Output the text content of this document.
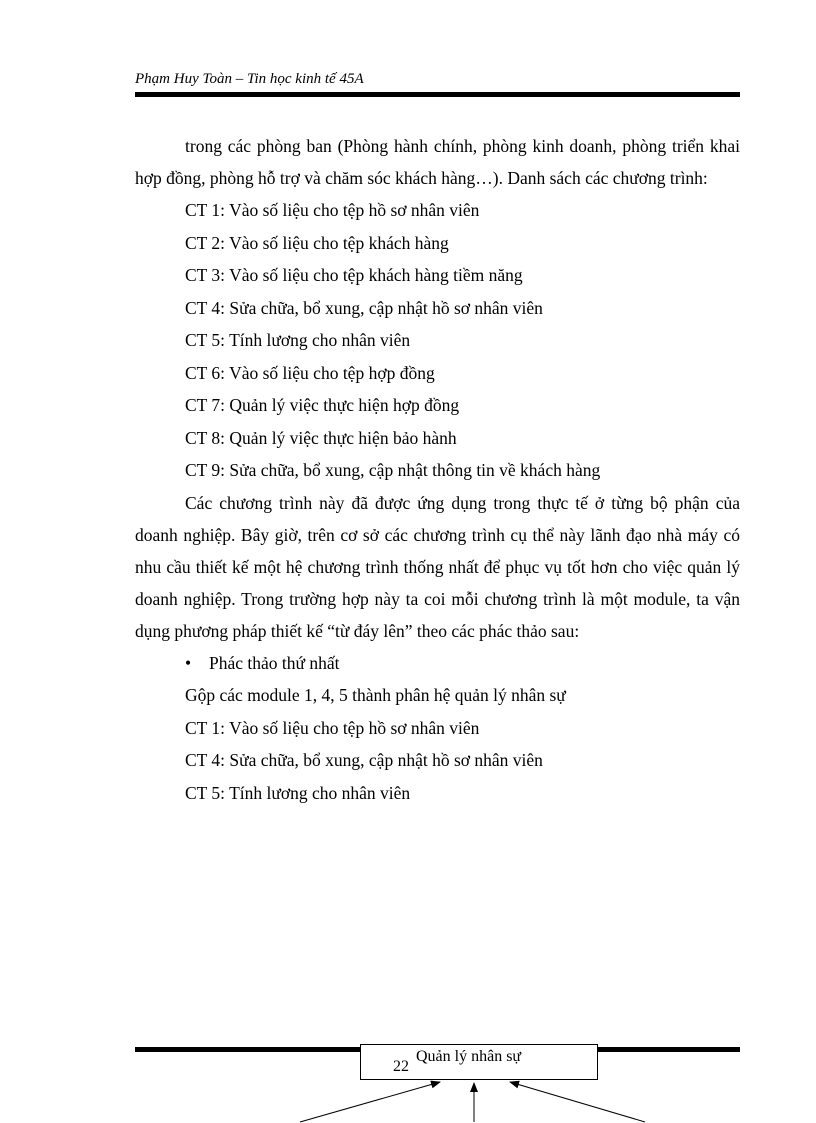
Phạm Huy Toàn – Tin học kinh tế 45A

trong các phòng ban (Phòng hành chính, phòng kinh doanh, phòng triển khai hợp đồng, phòng hỗ trợ và chăm sóc khách hàng…). Danh sách các chương trình:

CT 1: Vào số liệu cho tệp hồ sơ nhân viên

CT 2: Vào số liệu cho tệp khách hàng

CT 3: Vào số liệu cho tệp khách hàng tiềm năng

CT 4: Sửa chữa, bổ xung, cập nhật hồ sơ nhân viên

CT 5: Tính lương cho nhân viên

CT 6: Vào số liệu cho tệp hợp đồng

CT 7: Quản lý việc thực hiện hợp đồng

CT 8: Quản lý việc thực hiện bảo hành

CT 9: Sửa chữa, bổ xung, cập nhật thông tin về khách hàng

Các chương trình này đã được ứng dụng trong thực tế ở từng bộ phận của doanh nghiệp. Bây giờ, trên cơ sở các chương trình cụ thể này lãnh đạo nhà máy có nhu cầu thiết kế một hệ chương trình thống nhất để phục vụ tốt hơn cho việc quản lý doanh nghiệp. Trong trường hợp này ta coi mỗi chương trình là một module, ta vận dụng phương pháp thiết kế “từ đáy lên” theo các phác thảo sau:

• Phác thảo thứ nhất

Gộp các module 1, 4, 5 thành phân hệ quản lý nhân sự

CT 1: Vào số liệu cho tệp hồ sơ nhân viên

CT 4: Sửa chữa, bổ xung, cập nhật hồ sơ nhân viên

CT 5: Tính lương cho nhân viên

Quản lý nhân sự
22
